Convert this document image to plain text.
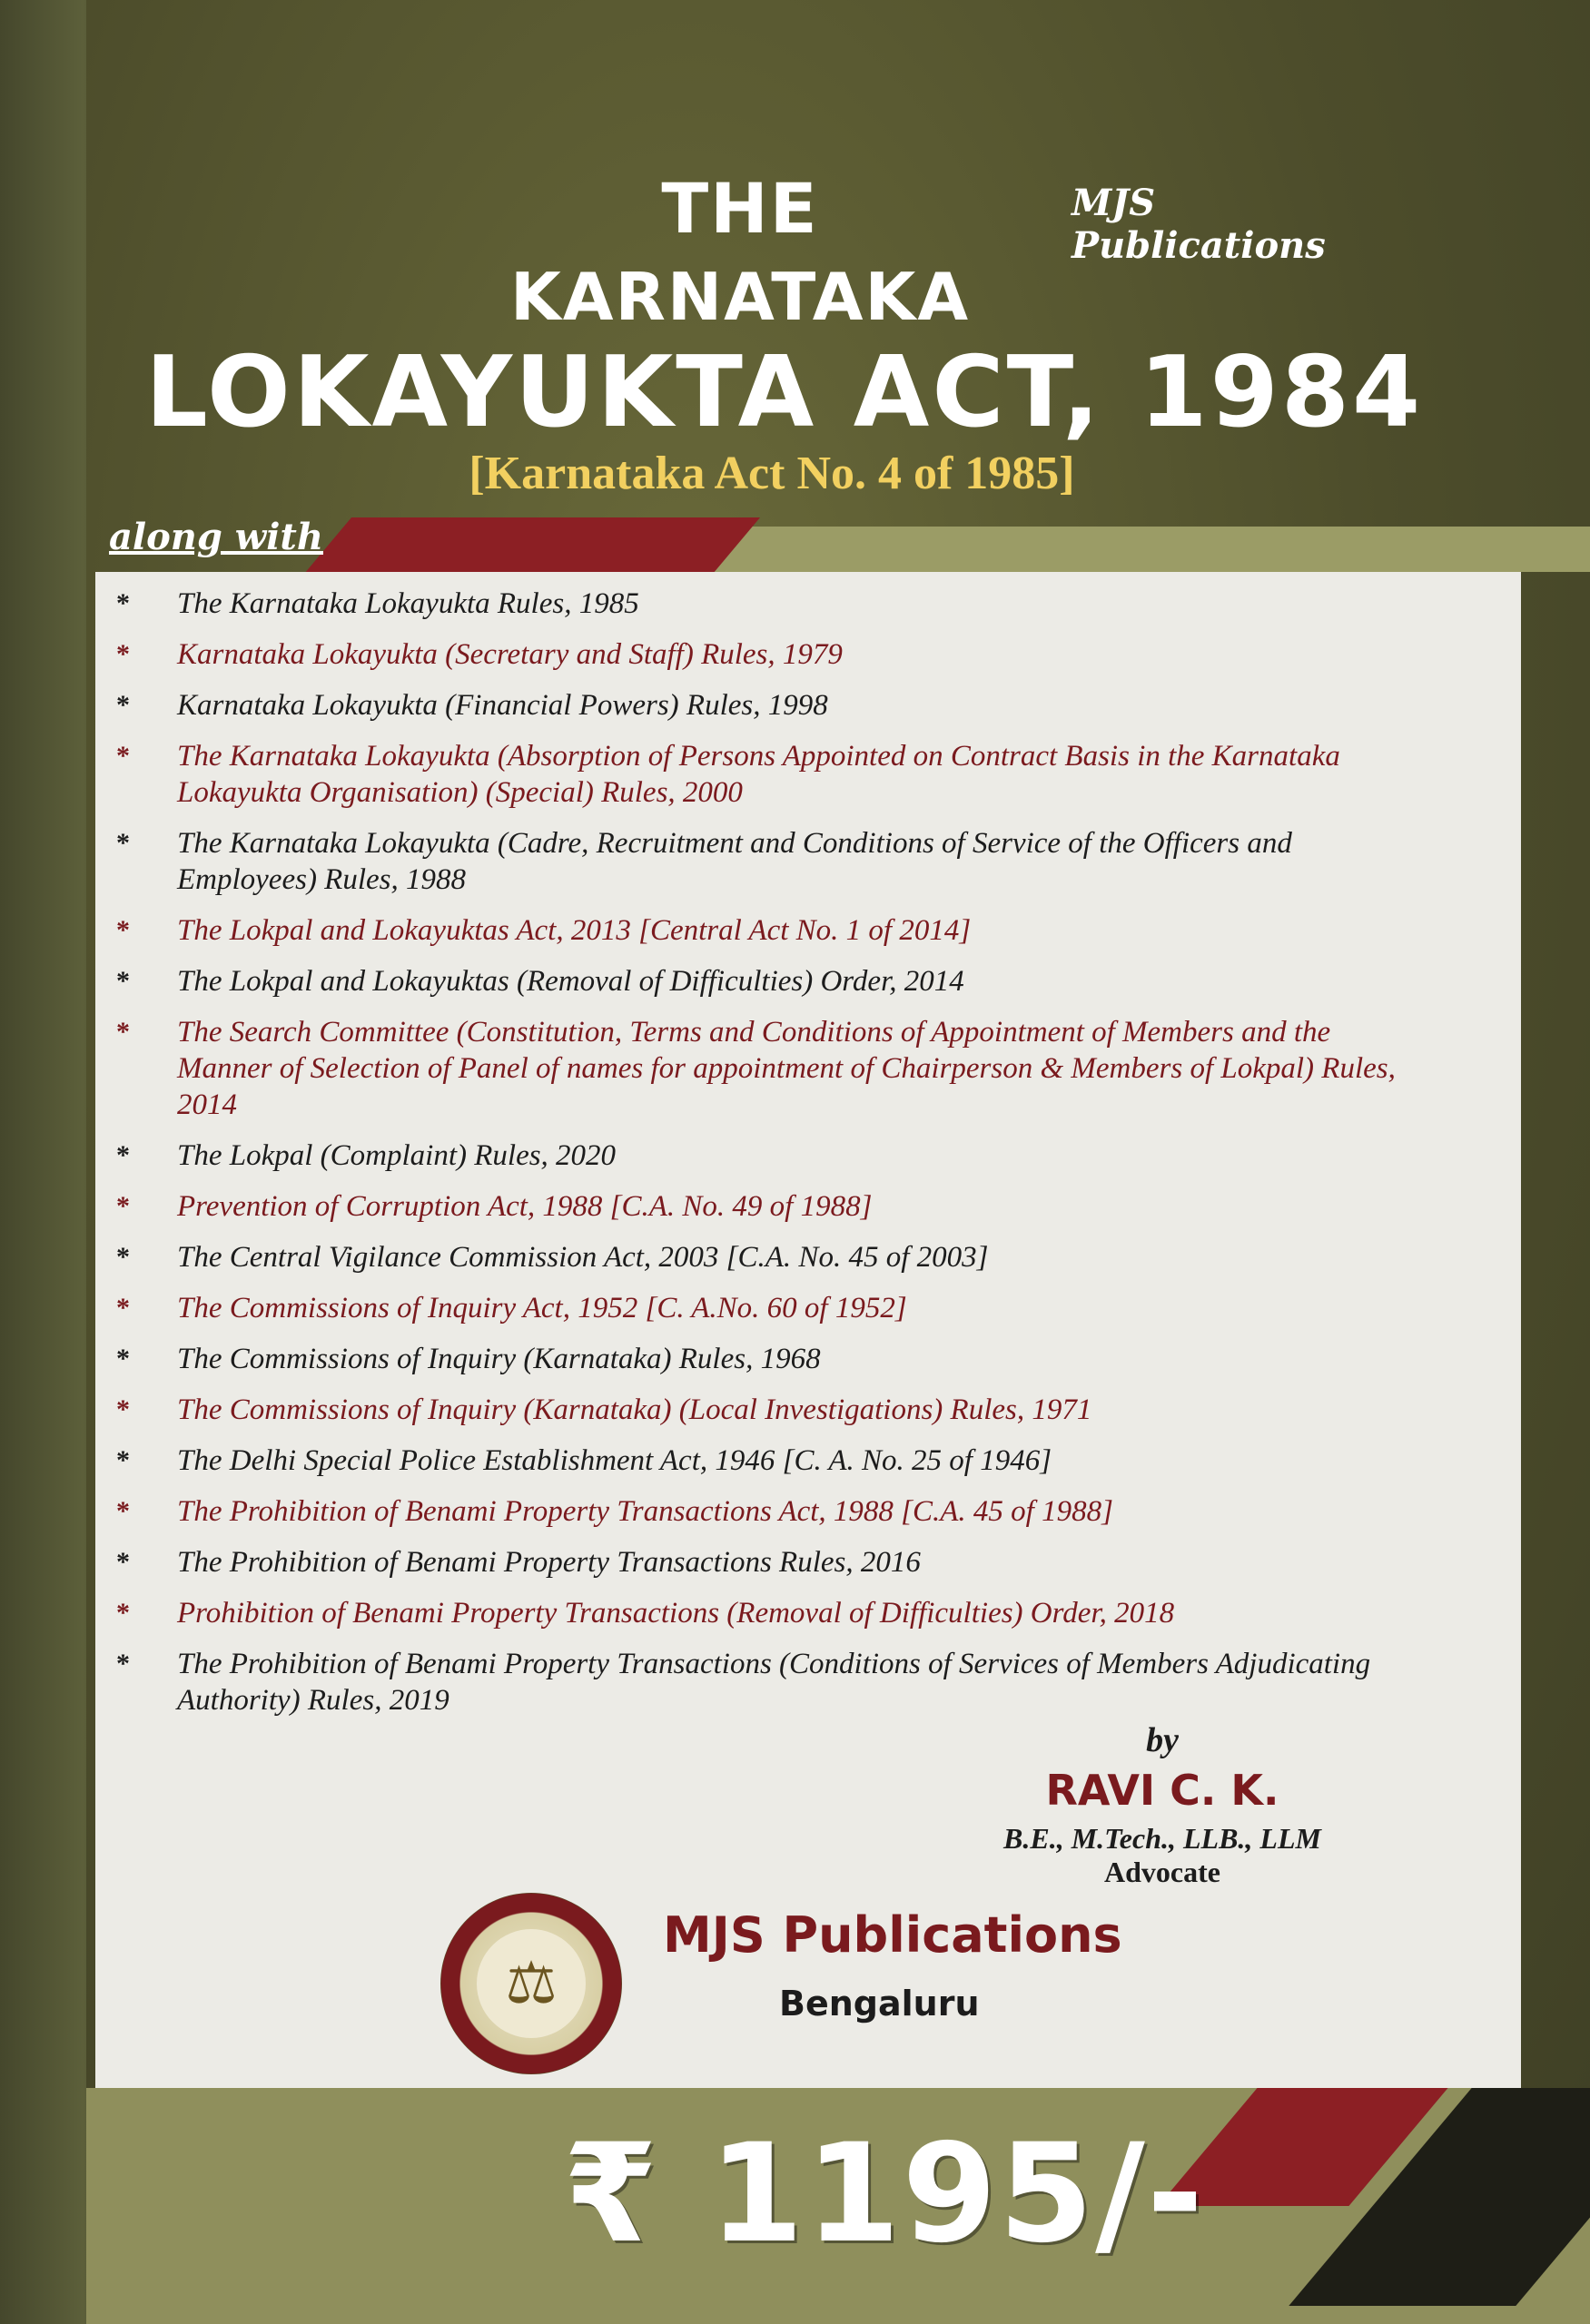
MJS Publications
THE
KARNATAKA
LOKAYUKTA ACT, 1984
[Karnataka Act No. 4 of 1985]
along with
* The Karnataka Lokayukta Rules, 1985
* Karnataka Lokayukta (Secretary and Staff) Rules, 1979
* Karnataka Lokayukta (Financial Powers) Rules, 1998
* The Karnataka Lokayukta (Absorption of Persons Appointed on Contract Basis in the Karnataka Lokayukta Organisation) (Special) Rules, 2000
* The Karnataka Lokayukta (Cadre, Recruitment and Conditions of Service of the Officers and Employees) Rules, 1988
* The Lokpal and Lokayuktas Act, 2013 [Central Act No. 1 of 2014]
* The Lokpal and Lokayuktas (Removal of Difficulties) Order, 2014
* The Search Committee (Constitution, Terms and Conditions of Appointment of Members and the Manner of Selection of Panel of names for appointment of Chairperson & Members of Lokpal) Rules, 2014
* The Lokpal (Complaint) Rules, 2020
* Prevention of Corruption Act, 1988 [C.A. No. 49 of 1988]
* The Central Vigilance Commission Act, 2003 [C.A. No. 45 of 2003]
* The Commissions of Inquiry Act, 1952 [C. A.No. 60 of 1952]
* The Commissions of Inquiry (Karnataka) Rules, 1968
* The Commissions of Inquiry (Karnataka) (Local Investigations) Rules, 1971
* The Delhi Special Police Establishment Act, 1946 [C. A. No. 25 of 1946]
* The Prohibition of Benami Property Transactions Act, 1988 [C.A. 45 of 1988]
* The Prohibition of Benami Property Transactions Rules, 2016
* Prohibition of Benami Property Transactions (Removal of Difficulties) Order, 2018
* The Prohibition of Benami Property Transactions (Conditions of Services of Members Adjudicating Authority) Rules, 2019
by
RAVI C. K.
B.E., M.Tech., LLB., LLM
Advocate
⚖
MJS Publications
Bengaluru
₹ 1195/-
